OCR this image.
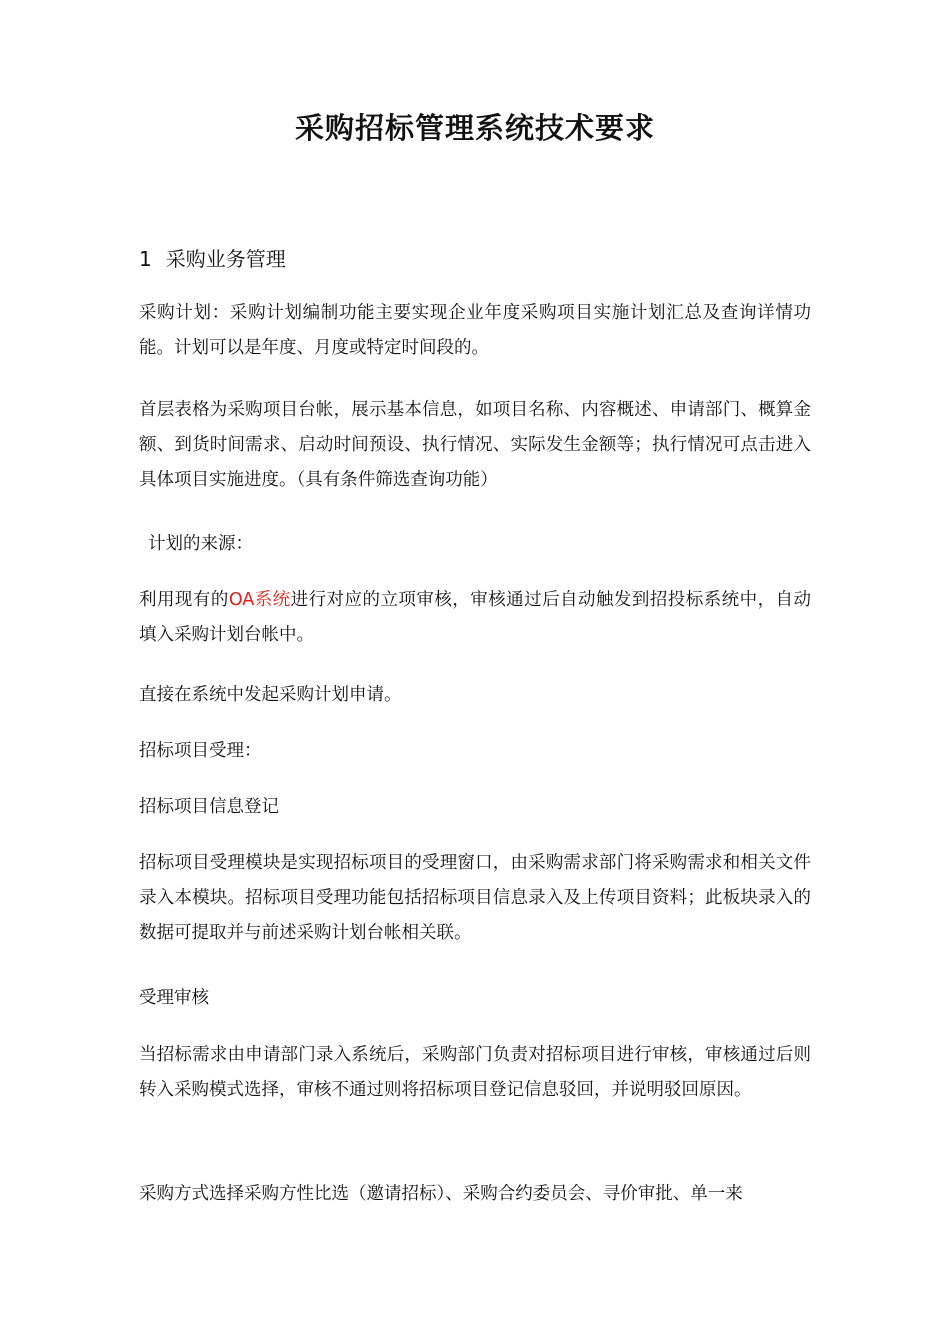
采购招标管理系统技术要求
1 采购业务管理

采购计划：采购计划编制功能主要实现企业年度采购项目实施计划汇总及查询详情功能。计划可以是年度、月度或特定时间段的。

首层表格为采购项目台帐，展示基本信息，如项目名称、内容概述、申请部门、概算金额、到货时间需求、启动时间预设、执行情况、实际发生金额等；执行情况可点击进入具体项目实施进度。（具有条件筛选查询功能）

计划的来源：

利用现有的OA系统进行对应的立项审核，审核通过后自动触发到招投标系统中，自动填入采购计划台帐中。

直接在系统中发起采购计划申请。

招标项目受理：

招标项目信息登记

招标项目受理模块是实现招标项目的受理窗口，由采购需求部门将采购需求和相关文件录入本模块。招标项目受理功能包括招标项目信息录入及上传项目资料；此板块录入的数据可提取并与前述采购计划台帐相关联。

受理审核

当招标需求由申请部门录入系统后，采购部门负责对招标项目进行审核，审核通过后则转入采购模式选择，审核不通过则将招标项目登记信息驳回，并说明驳回原因。

采购方式选择采购方性比选（邀请招标）、采购合约委员会、寻价审批、单一来
